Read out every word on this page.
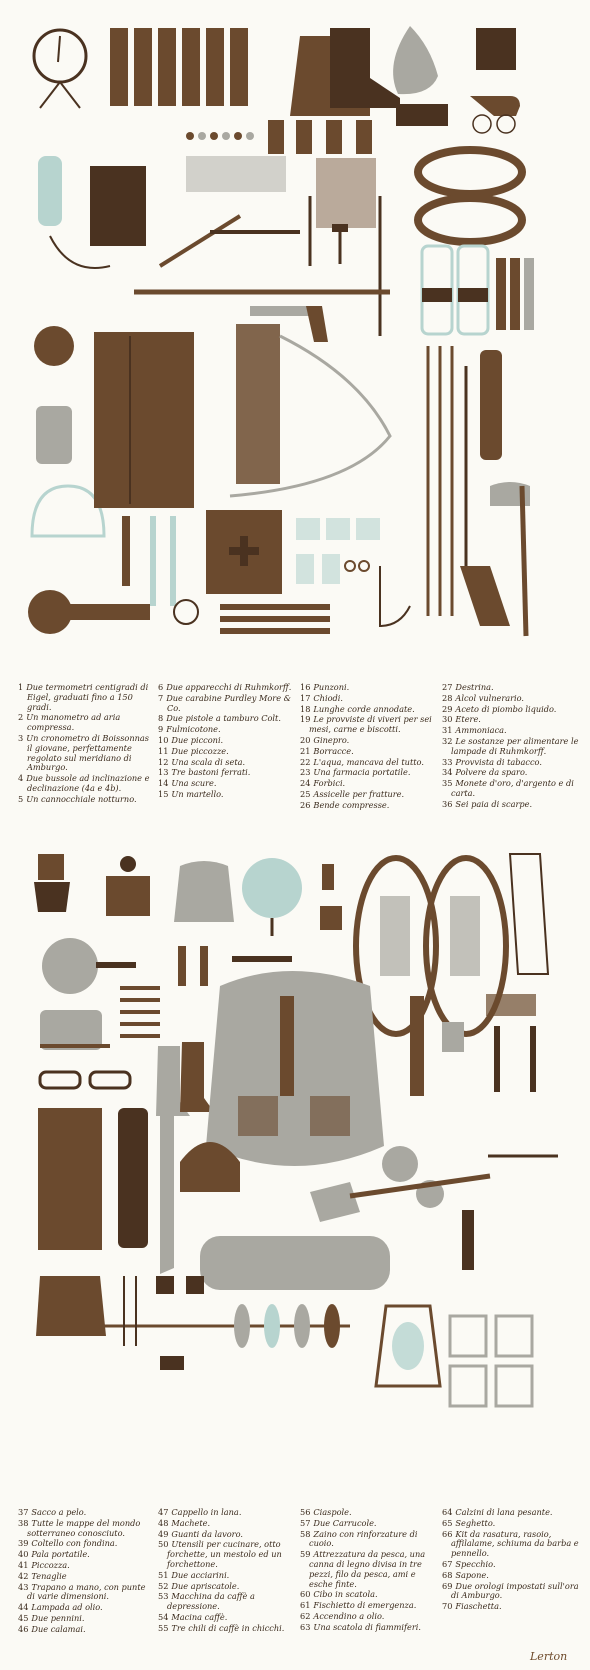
1 Due termometri centigradi di Eigel, graduati fino a 150 gradi.

2 Un manometro ad aria compressa.

3 Un cronometro di Boissonnas il giovane, perfettamente regolato sul meridiano di Amburgo.

4 Due bussole ad inclinazione e declinazione (4a e 4b).

5 Un cannocchiale notturno.

6 Due apparecchi di Ruhmkorff.

7 Due carabine Purdley More & Co.

8 Due pistole a tamburo Colt.

9 Fulmicotone.

10 Due picconi.

11 Due piccozze.

12 Una scala di seta.

13 Tre bastoni ferrati.

14 Una scure.

15 Un martello.

16 Punzoni.

17 Chiodi.

18 Lunghe corde annodate.

19 Le provviste di viveri per sei mesi, carne e biscotti.

20 Ginepro.

21 Borracce.

22 L'aqua, mancava del tutto.

23 Una farmacia portatile.

24 Forbici.

25 Assicelle per fratture.

26 Bende compresse.

27 Destrina.

28 Alcol vulnerario.

29 Aceto di piombo liquido.

30 Etere.

31 Ammoniaca.

32 Le sostanze per alimentare le lampade di Ruhmkorff.

33 Provvista di tabacco.

34 Polvere da sparo.

35 Monete d'oro, d'argento e di carta.

36 Sei paia di scarpe.

37 Sacco a pelo.

38 Tutte le mappe del mondo sotterraneo conosciuto.

39 Coltello con fondina.

40 Pala portatile.

41 Piccozza.

42 Tenaglie

43 Trapano a mano, con punte di varie dimensioni.

44 Lampada ad olio.

45 Due pennini.

46 Due calamai.

47 Cappello in lana.

48 Machete.

49 Guanti da lavoro.

50 Utensili per cucinare, otto forchette, un mestolo ed un forchettone.

51 Due acciarini.

52 Due apriscatole.

53 Macchina da caffè a depressione.

54 Macina caffè.

55 Tre chili di caffè in chicchi.

56 Ciaspole.

57 Due Carrucole.

58 Zaino con rinforzature di cuoio.

59 Attrezzatura da pesca, una canna di legno divisa in tre pezzi, filo da pesca, ami e esche finte.

60 Cibo in scatola.

61 Fischietto di emergenza.

62 Accendino a olio.

63 Una scatola di fiammiferi.

64 Calzini di lana pesante.

65 Seghetto.

66 Kit da rasatura, rasoio, affilalame, schiuma da barba e pennello.

67 Specchio.

68 Sapone.

69 Due orologi impostati sull'ora di Amburgo.

70 Fiaschetta.

Lerton
